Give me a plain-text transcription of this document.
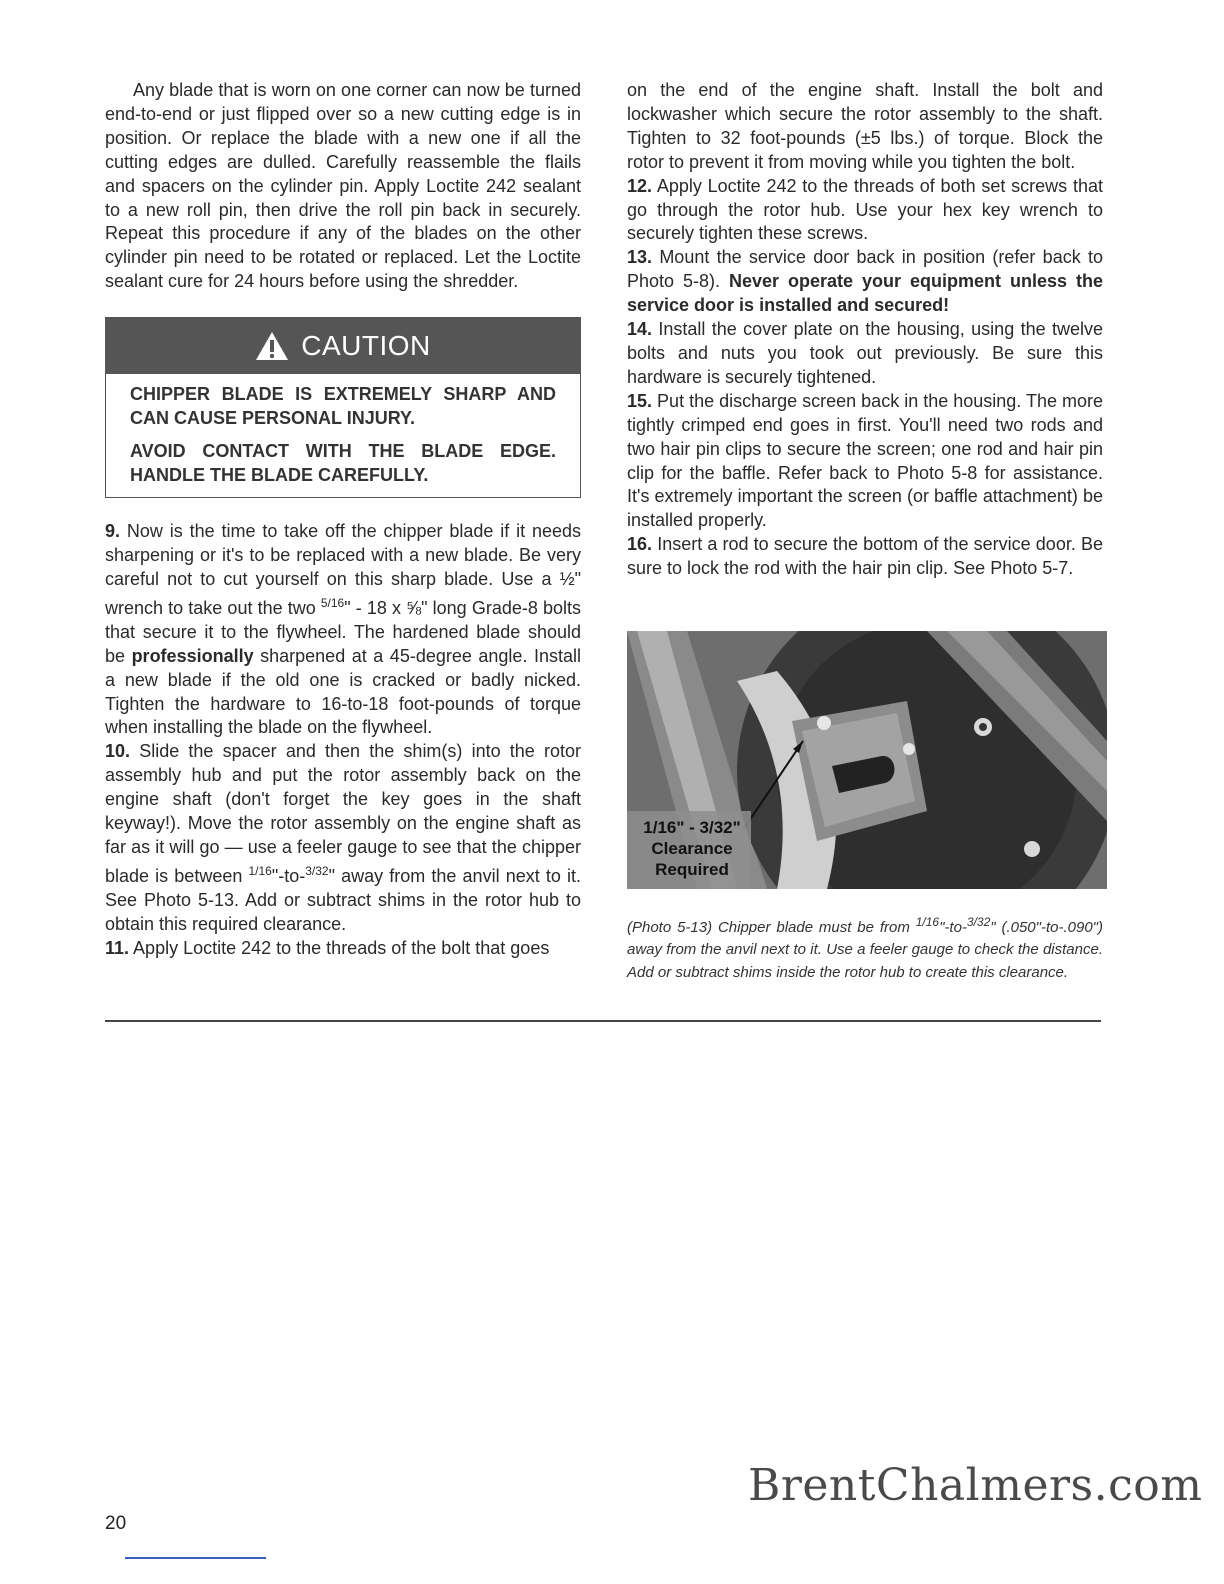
Any blade that is worn on one corner can now be turned end-to-end or just flipped over so a new cutting edge is in position. Or replace the blade with a new one if all the cutting edges are dulled. Carefully reassemble the flails and spacers on the cylinder pin. Apply Loctite 242 sealant to a new roll pin, then drive the roll pin back in securely. Repeat this procedure if any of the blades on the other cylinder pin need to be rotated or replaced. Let the Loctite sealant cure for 24 hours before using the shredder.

CAUTION

CHIPPER BLADE IS EXTREMELY SHARP AND CAN CAUSE PERSONAL INJURY.

AVOID CONTACT WITH THE BLADE EDGE. HANDLE THE BLADE CAREFULLY.

9. Now is the time to take off the chipper blade if it needs sharpening or it's to be replaced with a new blade. Be very careful not to cut yourself on this sharp blade. Use a ½" wrench to take out the two $^{5/16}$" - 18 x ⅝" long Grade-8 bolts that secure it to the flywheel. The hardened blade should be professionally sharpened at a 45-degree angle. Install a new blade if the old one is cracked or badly nicked. Tighten the hardware to 16-to-18 foot-pounds of torque when installing the blade on the flywheel.

10. Slide the spacer and then the shim(s) into the rotor assembly hub and put the rotor assembly back on the engine shaft (don't forget the key goes in the shaft keyway!). Move the rotor assembly on the engine shaft as far as it will go — use a feeler gauge to see that the chipper blade is between $^{1/16}$"-to-$^{3/32}$" away from the anvil next to it. See Photo 5-13. Add or subtract shims in the rotor hub to obtain this required clearance.

11. Apply Loctite 242 to the threads of the bolt that goes

on the end of the engine shaft. Install the bolt and lockwasher which secure the rotor assembly to the shaft. Tighten to 32 foot-pounds (±5 lbs.) of torque. Block the rotor to prevent it from moving while you tighten the bolt.

12. Apply Loctite 242 to the threads of both set screws that go through the rotor hub. Use your hex key wrench to securely tighten these screws.

13. Mount the service door back in position (refer back to Photo 5-8). Never operate your equipment unless the service door is installed and secured!

14. Install the cover plate on the housing, using the twelve bolts and nuts you took out previously. Be sure this hardware is securely tightened.

15. Put the discharge screen back in the housing. The more tightly crimped end goes in first. You'll need two rods and two hair pin clips to secure the screen; one rod and hair pin clip for the baffle. Refer back to Photo 5-8 for assistance. It's extremely important the screen (or baffle attachment) be installed properly.

16. Insert a rod to secure the bottom of the service door. Be sure to lock the rod with the hair pin clip. See Photo 5-7.

1/16" - 3/32"
Clearance
Required

(Photo 5-13) Chipper blade must be from $^{1/16}$"-to-$^{3/32}$" (.050"-to-.090") away from the anvil next to it. Use a feeler gauge to check the distance. Add or subtract shims inside the rotor hub to create this clearance.

BrentChalmers.com
20
